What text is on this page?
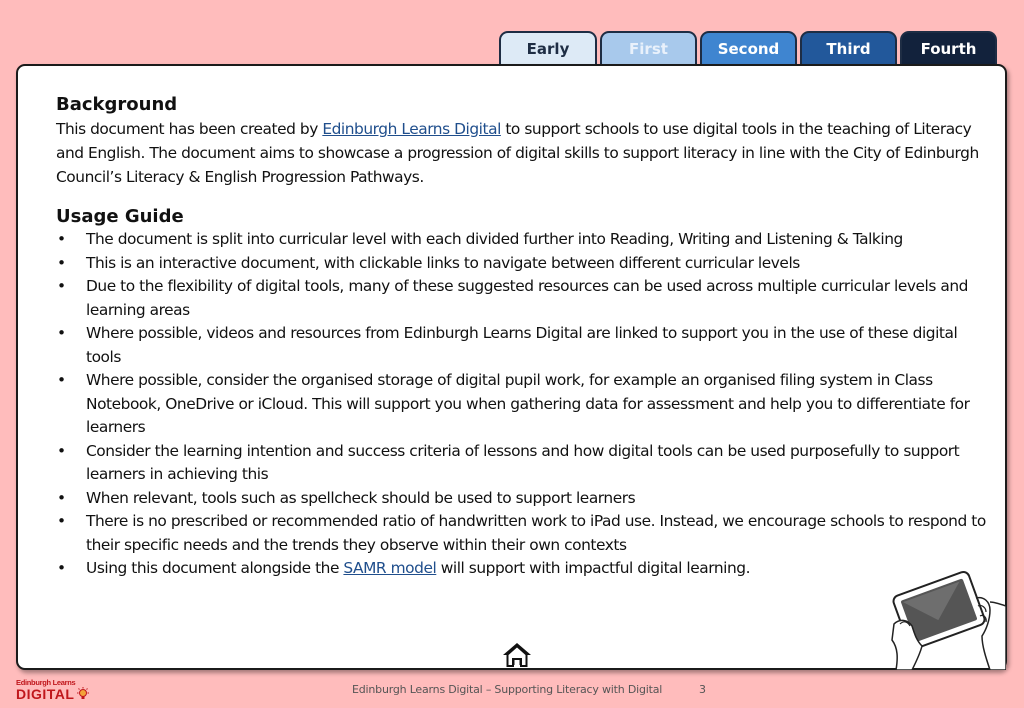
Early	First	Second	Third	Fourth
Background

This document has been created by Edinburgh Learns Digital to support schools to use digital tools in the teaching of Literacy and English. The document aims to showcase a progression of digital skills to support literacy in line with the City of Edinburgh Council’s Literacy & English Progression Pathways.

Usage Guide
• The document is split into curricular level with each divided further into Reading, Writing and Listening & Talking
• This is an interactive document, with clickable links to navigate between different curricular levels
• Due to the flexibility of digital tools, many of these suggested resources can be used across multiple curricular levels and learning areas
• Where possible, videos and resources from Edinburgh Learns Digital are linked to support you in the use of these digital tools
• Where possible, consider the organised storage of digital pupil work, for example an organised filing system in Class Notebook, OneDrive or iCloud. This will support you when gathering data for assessment and help you to differentiate for learners
• Consider the learning intention and success criteria of lessons and how digital tools can be used purposefully to support learners in achieving this
• When relevant, tools such as spellcheck should be used to support learners
• There is no prescribed or recommended ratio of handwritten work to iPad use. Instead, we encourage schools to respond to their specific needs and the trends they observe within their own contexts
• Using this document alongside the SAMR model will support with impactful digital learning.
Edinburgh Learns
DIGITAL	Edinburgh Learns Digital – Supporting Literacy with Digital	3
